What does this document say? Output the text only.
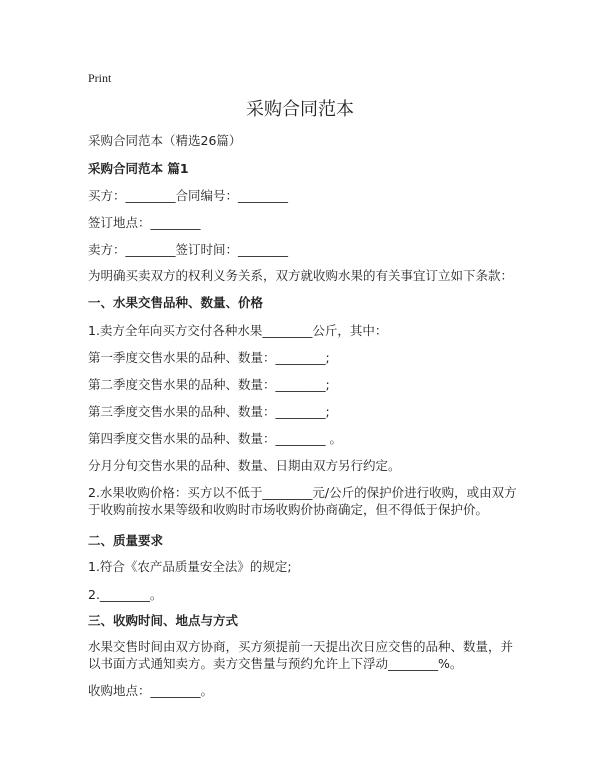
Print
采购合同范本
采购合同范本（精选26篇）
采购合同范本 篇1
买方：________合同编号：________
签订地点：________
卖方：________签订时间：________
为明确买卖双方的权利义务关系，双方就收购水果的有关事宜订立如下条款：
一、水果交售品种、数量、价格
1.卖方全年向买方交付各种水果________公斤，其中：
第一季度交售水果的品种、数量：________;
第二季度交售水果的品种、数量：________;
第三季度交售水果的品种、数量：________;
第四季度交售水果的品种、数量：________ 。
分月分旬交售水果的品种、数量、日期由双方另行约定。
2.水果收购价格：买方以不低于________元/公斤的保护价进行收购，或由双方于收购前按水果等级和收购时市场收购价协商确定，但不得低于保护价。
二、质量要求
1.符合《农产品质量安全法》的规定;
2.________。
三、收购时间、地点与方式
水果交售时间由双方协商，买方须提前一天提出次日应交售的品种、数量，并以书面方式通知卖方。卖方交售量与预约允许上下浮动________%。
收购地点：________。
